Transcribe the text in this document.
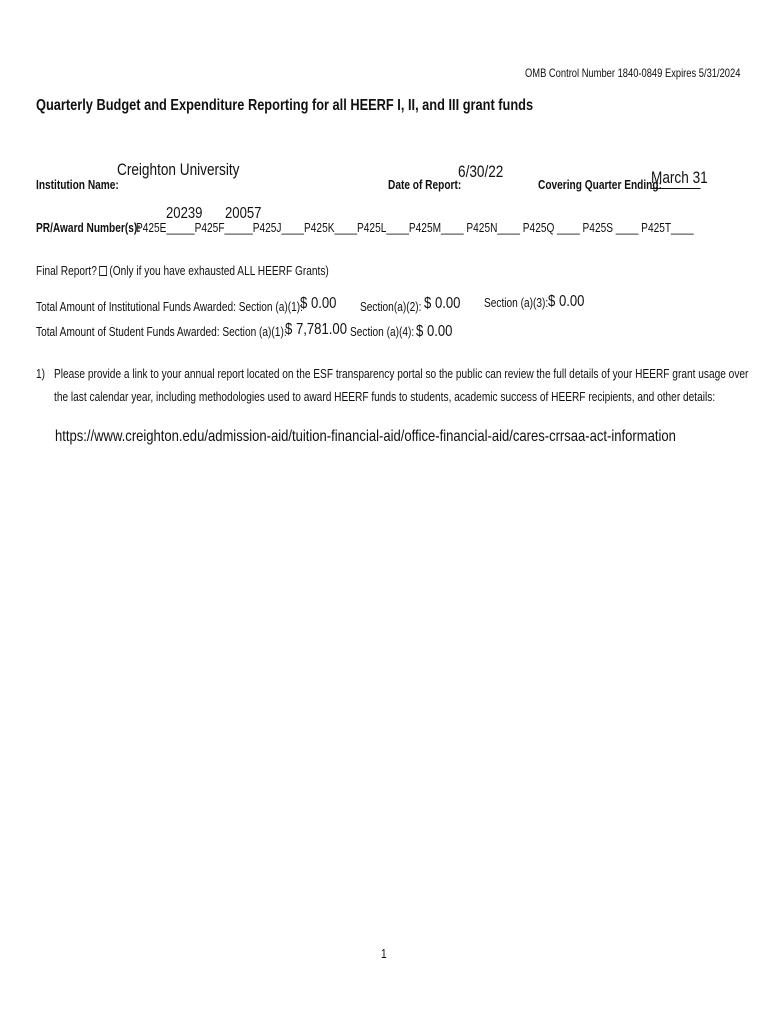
OMB Control Number 1840-0849 Expires 5/31/2024
Quarterly Budget and Expenditure Reporting for all HEERF I, II, and III grant funds
Creighton University
Institution Name:
6/30/22
Date of Report:	Covering Quarter Ending:
March 31
20239 20057
PR/Award Number(s):
P425E_____P425F_____P425J____P425K____P425L____P425M____ P425N____ P425Q ____ P425S ____ P425T____
Final Report? (Only if you have exhausted ALL HEERF Grants)
Total Amount of Institutional Funds Awarded: Section (a)(1):
$ 0.00 Section(a)(2): $ 0.00 Section (a)(3): $ 0.00
Total Amount of Student Funds Awarded: Section (a)(1):
$ 7,781.00 Section (a)(4): $ 0.00
1) Please provide a link to your annual report located on the ESF transparency portal so the public can review the full details of your HEERF grant usage over
the last calendar year, including methodologies used to award HEERF funds to students, academic success of HEERF recipients, and other details:
https://www.creighton.edu/admission-aid/tuition-financial-aid/office-financial-aid/cares-crrsaa-act-information
1
